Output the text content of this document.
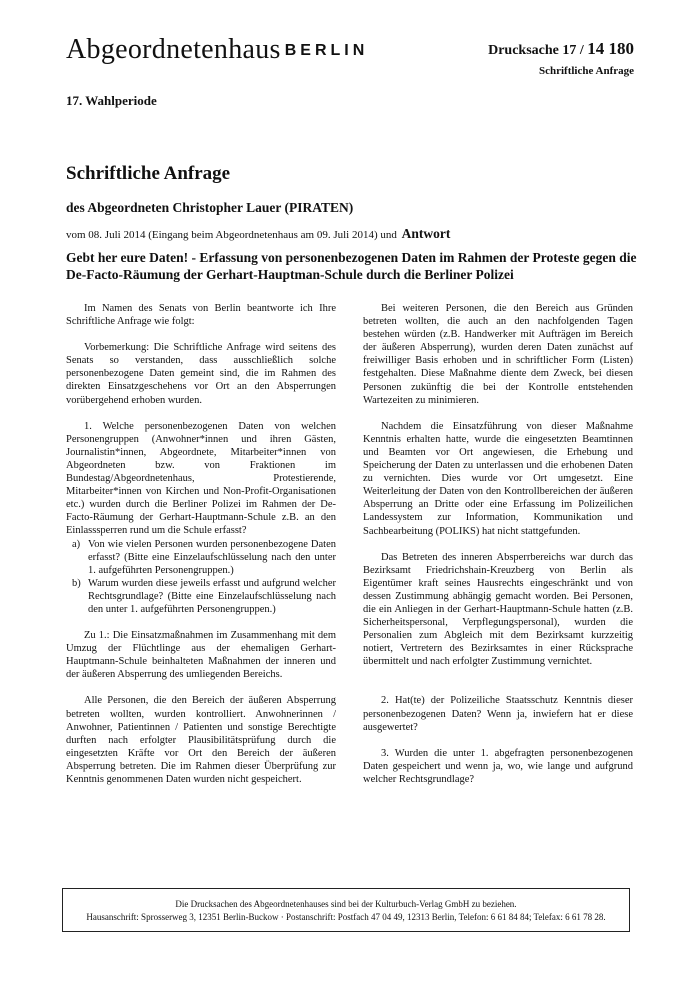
Abgeordnetenhaus BERLIN	Drucksache 17 / 14 180
Schriftliche Anfrage
17. Wahlperiode
Schriftliche Anfrage
des Abgeordneten Christopher Lauer (PIRATEN)
vom 08. Juli 2014 (Eingang beim Abgeordnetenhaus am 09. Juli 2014) und Antwort
Gebt her eure Daten! - Erfassung von personenbezogenen Daten im Rahmen der Proteste gegen die De-Facto-Räumung der Gerhart-Hauptman-Schule durch die Berliner Polizei

Im Namen des Senats von Berlin beantworte ich Ihre Schriftliche Anfrage wie folgt:

Vorbemerkung: Die Schriftliche Anfrage wird seitens des Senats so verstanden, dass ausschließlich solche personenbezogene Daten gemeint sind, die im Rahmen des direkten Einsatzgeschehens vor Ort an den Absperrungen vorübergehend erhoben wurden.

1. Welche personenbezogenen Daten von welchen Personengruppen (Anwohner*innen und ihren Gästen, Journalistin*innen, Abgeordnete, Mitarbeiter*innen von Abgeordneten bzw. von Fraktionen im Bundestag/Abgeordnetenhaus, Protestierende, Mitarbeiter*innen von Kirchen und Non-Profit-Organisationen etc.) wurden durch die Berliner Polizei im Rahmen der De-Facto-Räumung der Gerhart-Hauptmann-Schule z.B. an den Einlasssperren rund um die Schule erfasst?

a) Von wie vielen Personen wurden personenbezogene Daten erfasst? (Bitte eine Einzelaufschlüsselung nach den unter 1. aufgeführten Personengruppen.)
b) Warum wurden diese jeweils erfasst und aufgrund welcher Rechtsgrundlage? (Bitte eine Einzelaufschlüsselung nach den unter 1. aufgeführten Personengruppen.)

Zu 1.: Die Einsatzmaßnahmen im Zusammenhang mit dem Umzug der Flüchtlinge aus der ehemaligen Gerhart-Hauptmann-Schule beinhalteten Maßnahmen der inneren und der äußeren Absperrung des umliegenden Bereichs.

Alle Personen, die den Bereich der äußeren Absperrung betreten wollten, wurden kontrolliert. Anwohnerinnen / Anwohner, Patientinnen / Patienten und sonstige Berechtigte durften nach erfolgter Plausibilitätsprüfung durch die eingesetzten Kräfte vor Ort den Bereich der äußeren Absperrung betreten. Die im Rahmen dieser Überprüfung zur Kenntnis genommenen Daten wurden nicht gespeichert.

Bei weiteren Personen, die den Bereich aus Gründen betreten wollten, die auch an den nachfolgenden Tagen bestehen würden (z.B. Handwerker mit Aufträgen im Bereich der äußeren Absperrung), wurden deren Daten zunächst auf freiwilliger Basis erhoben und in schriftlicher Form (Listen) festgehalten. Diese Maßnahme diente dem Zweck, bei diesen Personen zukünftig die bei der Kontrolle entstehenden Wartezeiten zu minimieren.

Nachdem die Einsatzführung von dieser Maßnahme Kenntnis erhalten hatte, wurde die eingesetzten Beamtinnen und Beamten vor Ort angewiesen, die Erhebung und Speicherung der Daten zu unterlassen und die erhobenen Daten zu vernichten. Dies wurde vor Ort umgesetzt. Eine Weiterleitung der Daten von den Kontrollbereichen der äußeren Absperrung an Dritte oder eine Erfassung im Polizeilichen Landessystem zur Information, Kommunikation und Sachbearbeitung (POLIKS) hat nicht stattgefunden.

Das Betreten des inneren Absperrbereichs war durch das Bezirksamt Friedrichshain-Kreuzberg von Berlin als Eigentümer kraft seines Hausrechts eingeschränkt und von dessen Zustimmung abhängig gemacht worden. Bei Personen, die ein Anliegen in der Gerhart-Hauptmann-Schule hatten (z.B. Sicherheitspersonal, Verpflegungspersonal), wurden die Personalien zum Abgleich mit dem Bezirksamt kurzzeitig notiert, Vertretern des Bezirksamtes in einer Rücksprache übermittelt und nach erfolgter Zustimmung vernichtet.

2. Hat(te) der Polizeiliche Staatsschutz Kenntnis dieser personenbezogenen Daten? Wenn ja, inwiefern hat er diese ausgewertet?

3. Wurden die unter 1. abgefragten personenbezogenen Daten gespeichert und wenn ja, wo, wie lange und aufgrund welcher Rechtsgrundlage?

Die Drucksachen des Abgeordnetenhauses sind bei der Kulturbuch-Verlag GmbH zu beziehen.
Hausanschrift: Sprosserweg 3, 12351 Berlin-Buckow · Postanschrift: Postfach 47 04 49, 12313 Berlin, Telefon: 6 61 84 84; Telefax: 6 61 78 28.
